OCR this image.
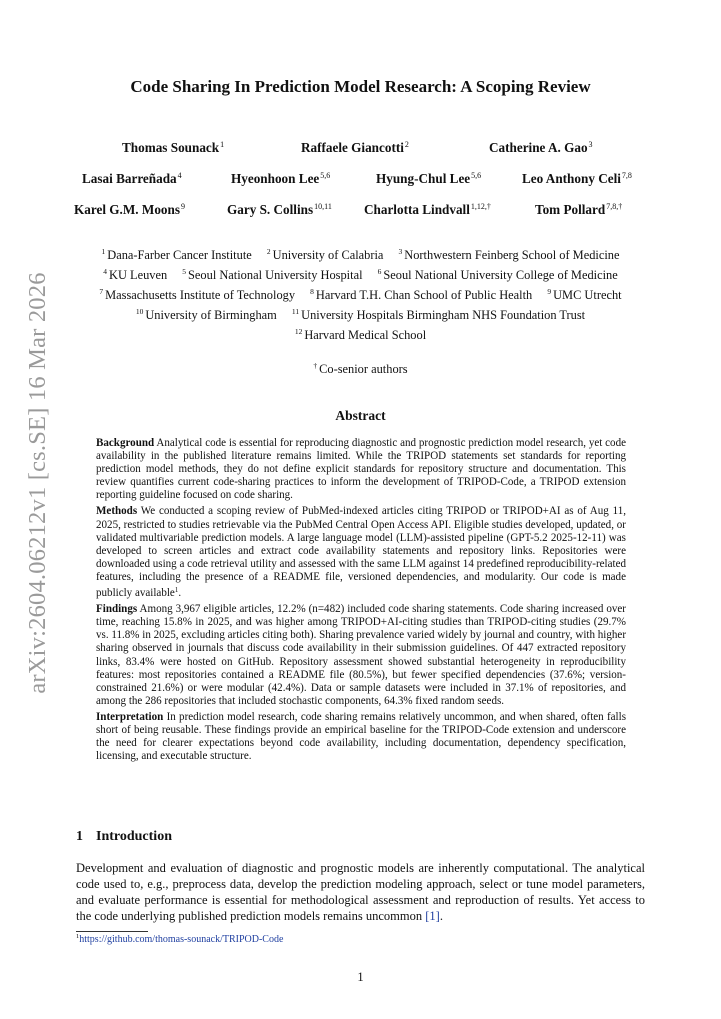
arXiv:2604.06212v1 [cs.SE] 16 Mar 2026
Code Sharing In Prediction Model Research: A Scoping Review
Thomas Sounack$^1$	Raffaele Giancotti$^2$	Catherine A. Gao$^3$
Lasai Barreñada$^4$	Hyeonhoon Lee$^{5,6}$	Hyung-Chul Lee$^{5,6}$	Leo Anthony Celi$^{7,8}$
Karel G.M. Moons$^9$	Gary S. Collins$^{10,11}$ Charlotta Lindvall$^{1,12,\dagger}$	Tom Pollard$^{7,8,\dagger}$
$^1$ Dana-Farber Cancer Institute $^2$ University of Calabria $^3$ Northwestern Feinberg School of Medicine
$^4$ KU Leuven $^5$ Seoul National University Hospital $^6$ Seoul National University College of Medicine
$^7$ Massachusetts Institute of Technology $^8$ Harvard T.H. Chan School of Public Health $^9$ UMC Utrecht
$^{10}$ University of Birmingham $^{11}$ University Hospitals Birmingham NHS Foundation Trust
$^{12}$ Harvard Medical School
† Co-senior authors
Abstract

Background Analytical code is essential for reproducing diagnostic and prognostic prediction model research, yet code availability in the published literature remains limited. While the TRIPOD statements set standards for reporting prediction model methods, they do not define explicit standards for repository structure and documentation. This review quantifies current code-sharing practices to inform the development of TRIPOD-Code, a TRIPOD extension reporting guideline focused on code sharing.

Methods We conducted a scoping review of PubMed-indexed articles citing TRIPOD or TRIPOD+AI as of Aug 11, 2025, restricted to studies retrievable via the PubMed Central Open Access API. Eligible studies developed, updated, or validated multivariable prediction models. A large language model (LLM)-assisted pipeline (GPT-5.2 2025-12-11) was developed to screen articles and extract code availability statements and repository links. Repositories were downloaded using a code retrieval utility and assessed with the same LLM against 14 predefined reproducibility-related features, including the presence of a README file, versioned dependencies, and modularity. Our code is made publicly available$^1$.

Findings Among 3,967 eligible articles, 12.2% (n=482) included code sharing statements. Code sharing increased over time, reaching 15.8% in 2025, and was higher among TRIPOD+AI-citing studies than TRIPOD-citing studies (29.7% vs. 11.8% in 2025, excluding articles citing both). Sharing prevalence varied widely by journal and country, with higher sharing observed in journals that discuss code availability in their submission guidelines. Of 447 extracted repository links, 83.4% were hosted on GitHub. Repository assessment showed substantial heterogeneity in reproducibility features: most repositories contained a README file (80.5%), but fewer specified dependencies (37.6%; version-constrained 21.6%) or were modular (42.4%). Data or sample datasets were included in 37.1% of repositories, and among the 286 repositories that included stochastic components, 64.3% fixed random seeds.

Interpretation In prediction model research, code sharing remains relatively uncommon, and when shared, often falls short of being reusable. These findings provide an empirical baseline for the TRIPOD-Code extension and underscore the need for clearer expectations beyond code availability, including documentation, dependency specification, licensing, and executable structure.

1 Introduction

Development and evaluation of diagnostic and prognostic models are inherently computational. The analytical code used to, e.g., preprocess data, develop the prediction modeling approach, select or tune model parameters, and evaluate performance is essential for methodological assessment and reproduction of results. Yet access to the code underlying published prediction models remains uncommon [1].

$^1$https://github.com/thomas-sounack/TRIPOD-Code
1
